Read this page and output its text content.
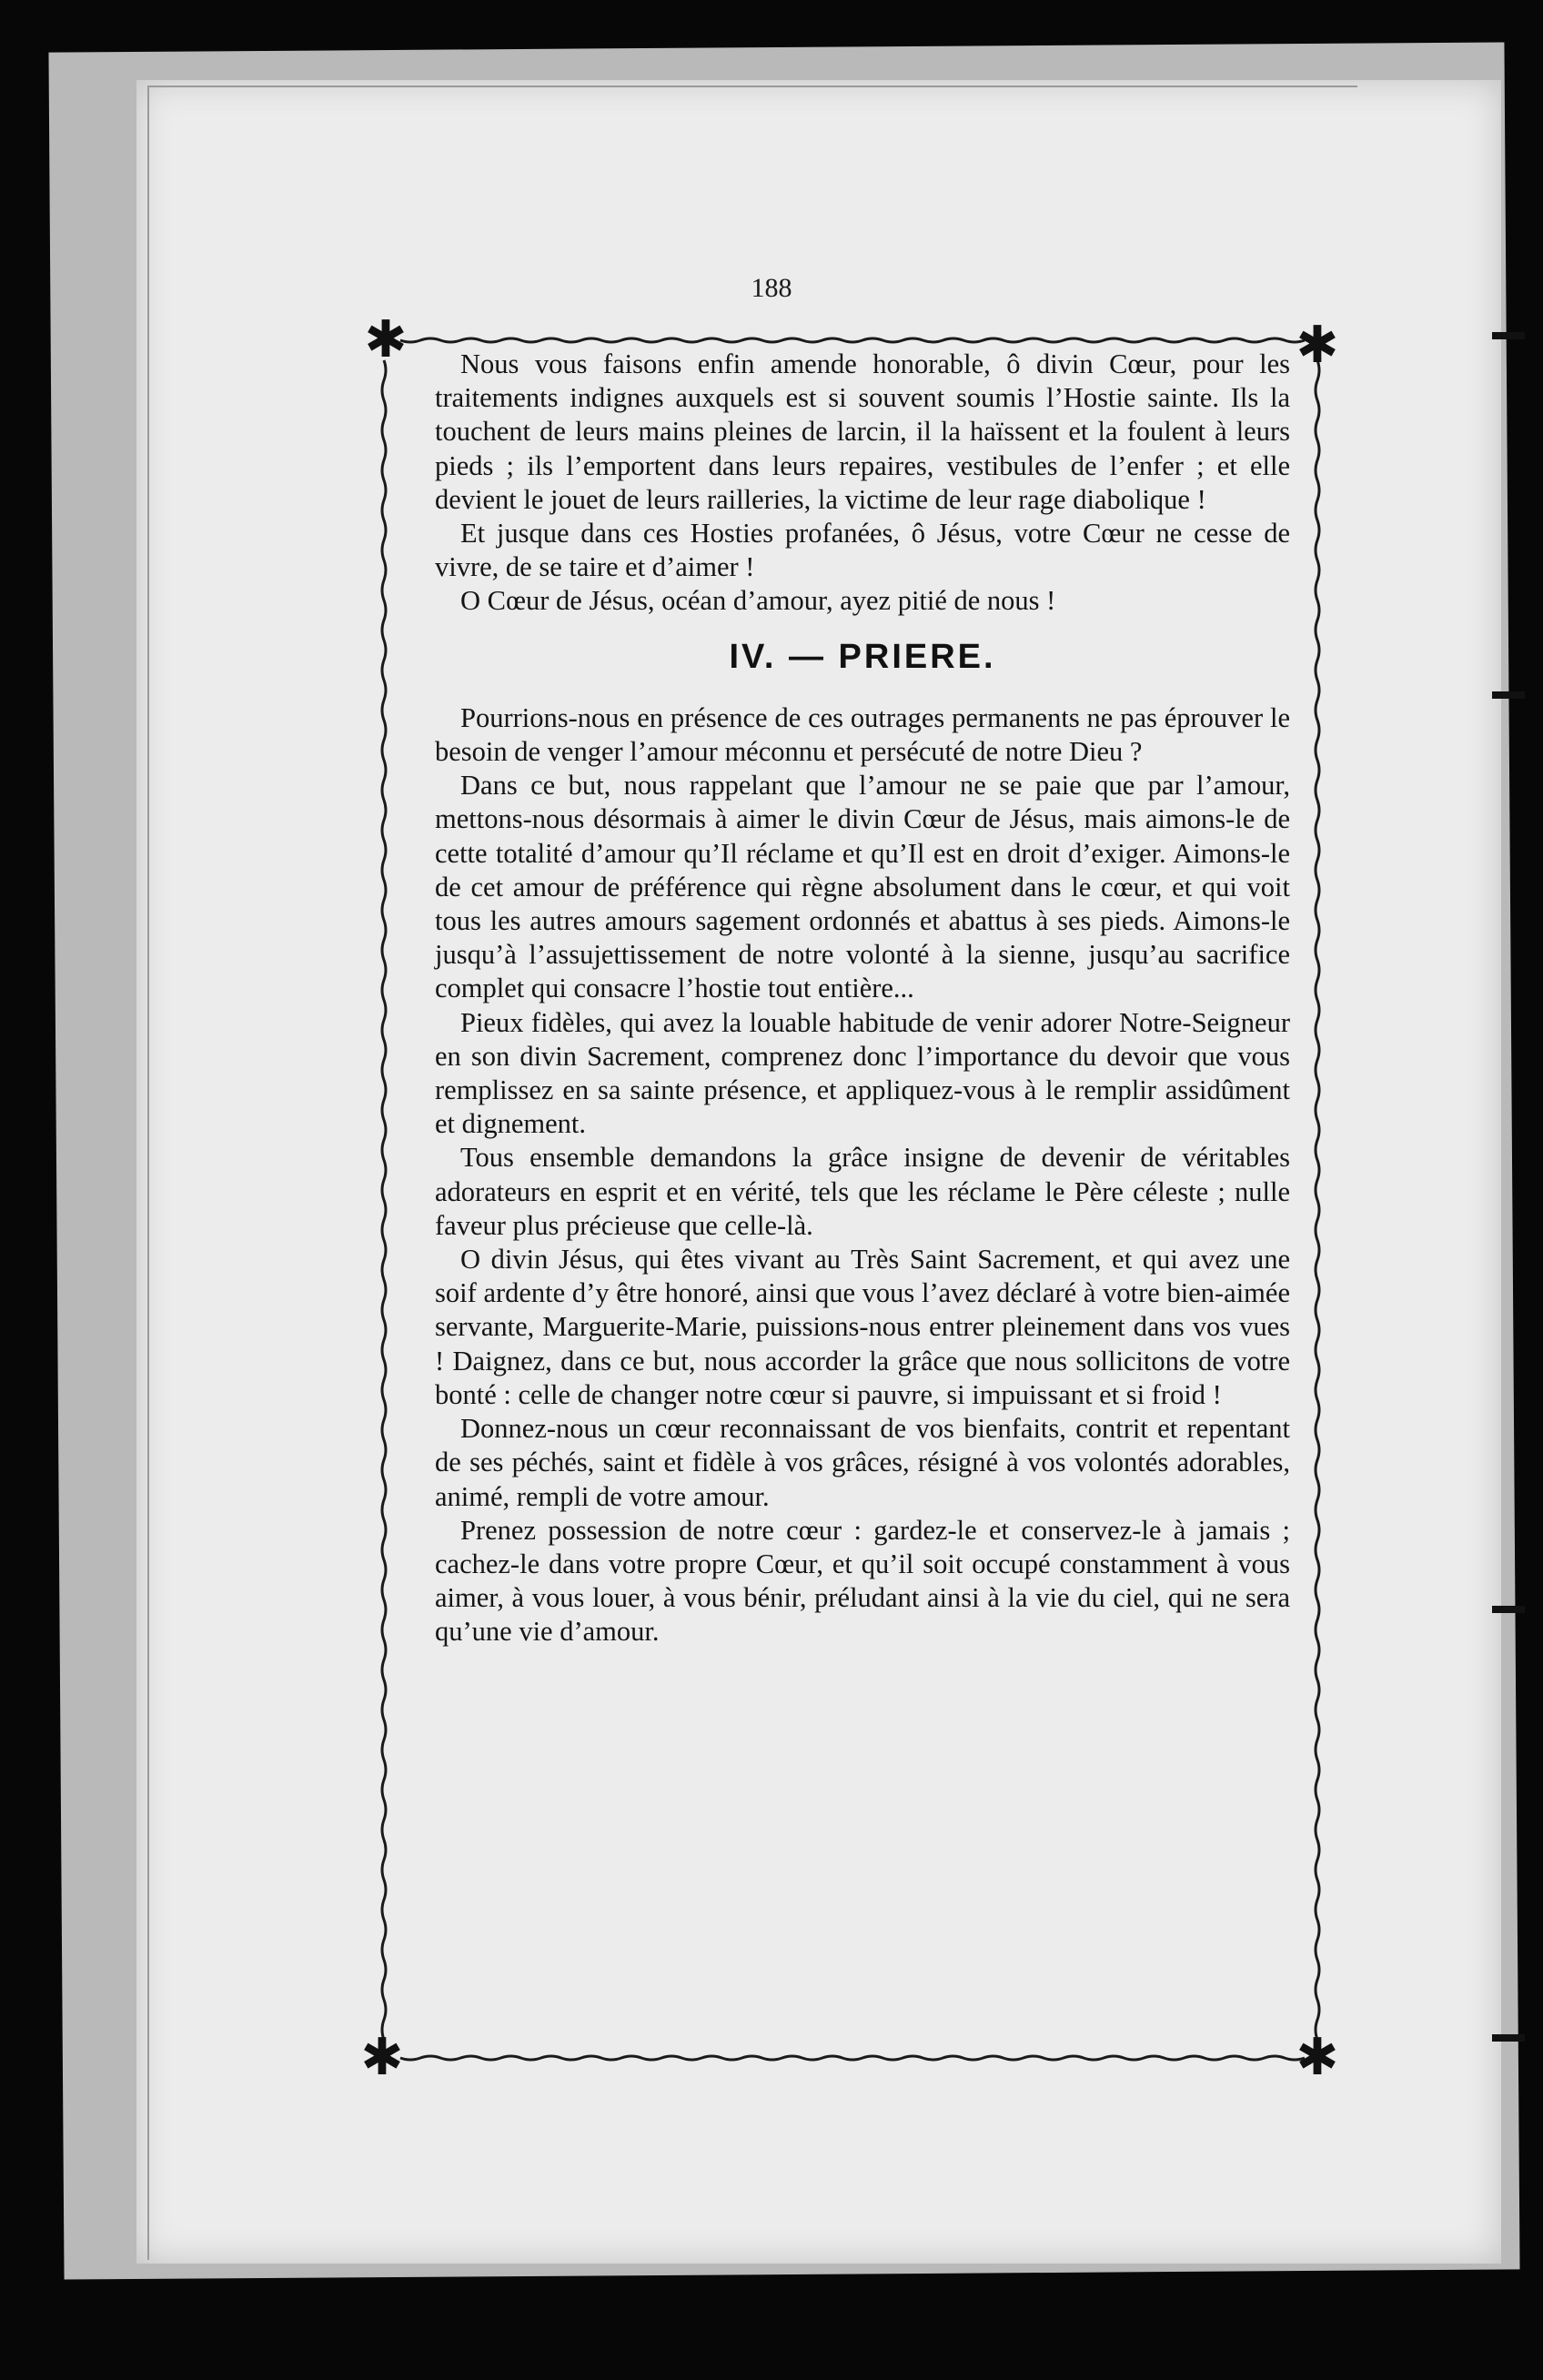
188
✱	✱
✱	✱

Nous vous faisons enfin amende honorable, ô divin Cœur, pour les traitements indignes auxquels est si souvent soumis l’Hostie sainte. Ils la touchent de leurs mains pleines de larcin, il la haïssent et la foulent à leurs pieds ; ils l’emportent dans leurs repaires, vestibules de l’enfer ; et elle devient le jouet de leurs railleries, la victime de leur rage diabolique !

Et jusque dans ces Hosties profanées, ô Jésus, votre Cœur ne cesse de vivre, de se taire et d’aimer !

O Cœur de Jésus, océan d’amour, ayez pitié de nous !

IV. — PRIERE.

Pourrions-nous en présence de ces outrages permanents ne pas éprouver le besoin de venger l’amour méconnu et persécuté de notre Dieu ?

Dans ce but, nous rappelant que l’amour ne se paie que par l’amour, mettons-nous désormais à aimer le divin Cœur de Jésus, mais aimons-le de cette totalité d’amour qu’Il réclame et qu’Il est en droit d’exiger. Aimons-le de cet amour de préférence qui règne absolument dans le cœur, et qui voit tous les autres amours sagement ordonnés et abattus à ses pieds. Aimons-le jusqu’à l’assujettissement de notre volonté à la sienne, jusqu’au sacrifice complet qui consacre l’hostie tout entière...

Pieux fidèles, qui avez la louable habitude de venir adorer Notre-Seigneur en son divin Sacrement, comprenez donc l’importance du devoir que vous remplissez en sa sainte présence, et appliquez-vous à le remplir assidûment et dignement.

Tous ensemble demandons la grâce insigne de devenir de véritables adorateurs en esprit et en vérité, tels que les réclame le Père céleste ; nulle faveur plus précieuse que celle-là.

O divin Jésus, qui êtes vivant au Très Saint Sacrement, et qui avez une soif ardente d’y être honoré, ainsi que vous l’avez déclaré à votre bien-aimée servante, Marguerite-Marie, puissions-nous entrer pleinement dans vos vues ! Daignez, dans ce but, nous accorder la grâce que nous sollicitons de votre bonté : celle de changer notre cœur si pauvre, si impuissant et si froid !

Donnez-nous un cœur reconnaissant de vos bienfaits, contrit et repentant de ses péchés, saint et fidèle à vos grâces, résigné à vos volontés adorables, animé, rempli de votre amour.

Prenez possession de notre cœur : gardez-le et conservez-le à jamais ; cachez-le dans votre propre Cœur, et qu’il soit occupé constamment à vous aimer, à vous louer, à vous bénir, préludant ainsi à la vie du ciel, qui ne sera qu’une vie d’amour.
